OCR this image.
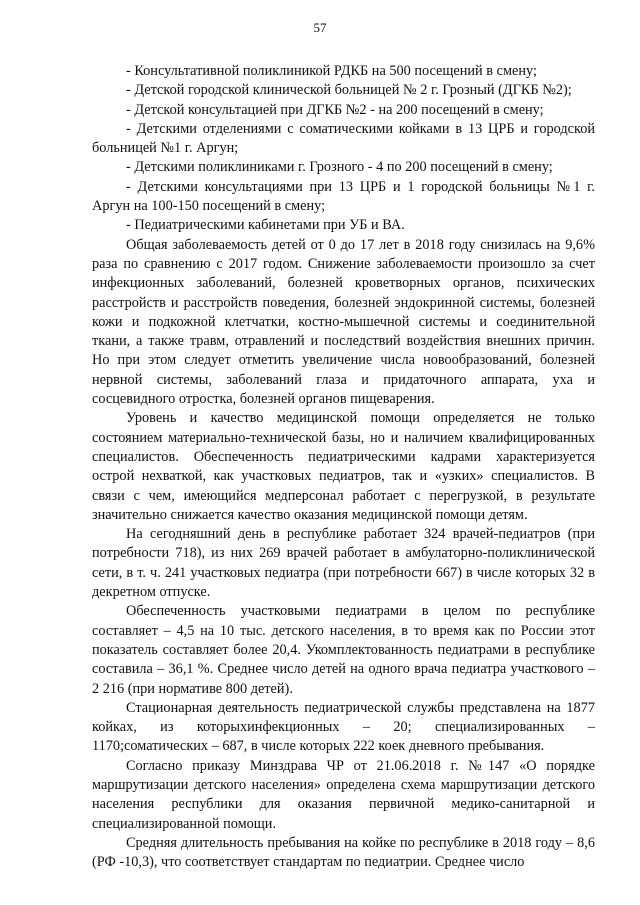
57

- Консультативной поликлиникой РДКБ на 500 посещений в смену;

- Детской городской клинической больницей № 2 г. Грозный (ДГКБ №2);

- Детской консультацией при ДГКБ №2 - на 200 посещений в смену;

- Детскими отделениями с соматическими койками в 13 ЦРБ и городской больницей №1 г. Аргун;

- Детскими поликлиниками г. Грозного - 4 по 200 посещений в смену;

- Детскими консультациями при 13 ЦРБ и 1 городской больницы №1 г. Аргун на 100-150 посещений в смену;

- Педиатрическими кабинетами при УБ и ВА.

Общая заболеваемость детей от 0 до 17 лет в 2018 году снизилась на 9,6% раза по сравнению с 2017 годом. Снижение заболеваемости произошло за счет инфекционных заболеваний, болезней кроветворных органов, психических расстройств и расстройств поведения, болезней эндокринной системы, болезней кожи и подкожной клетчатки, костно-мышечной системы и соединительной ткани, а также травм, отравлений и последствий воздействия внешних причин. Но при этом следует отметить увеличение числа новообразований, болезней нервной системы, заболеваний глаза и придаточного аппарата, уха и сосцевидного отростка, болезней органов пищеварения.

Уровень и качество медицинской помощи определяется не только состоянием материально-технической базы, но и наличием квалифицированных специалистов. Обеспеченность педиатрическими кадрами характеризуется острой нехваткой, как участковых педиатров, так и «узких» специалистов. В связи с чем, имеющийся медперсонал работает с перегрузкой, в результате значительно снижается качество оказания медицинской помощи детям.

На сегодняшний день в республике работает 324 врачей-педиатров (при потребности 718), из них 269 врачей работает в амбулаторно-поликлинической сети, в т. ч. 241 участковых педиатра (при потребности 667) в числе которых 32 в декретном отпуске.

Обеспеченность участковыми педиатрами в целом по республике составляет – 4,5 на 10 тыс. детского населения, в то время как по России этот показатель составляет более 20,4. Укомплектованность педиатрами в республике составила – 36,1 %. Среднее число детей на одного врача педиатра участкового – 2 216 (при нормативе 800 детей).

Стационарная деятельность педиатрической службы представлена на 1877 койках, из которыхинфекционных – 20; специализированных – 1170;соматических – 687, в числе которых 222 коек дневного пребывания.

Согласно приказу Минздрава ЧР от 21.06.2018 г. №147 «О порядке маршрутизации детского населения» определена схема маршрутизации детского населения республики для оказания первичной медико-санитарной и специализированной помощи.

Средняя длительность пребывания на койке по республике в 2018 году – 8,6 (РФ -10,3), что соответствует стандартам по педиатрии. Среднее число
